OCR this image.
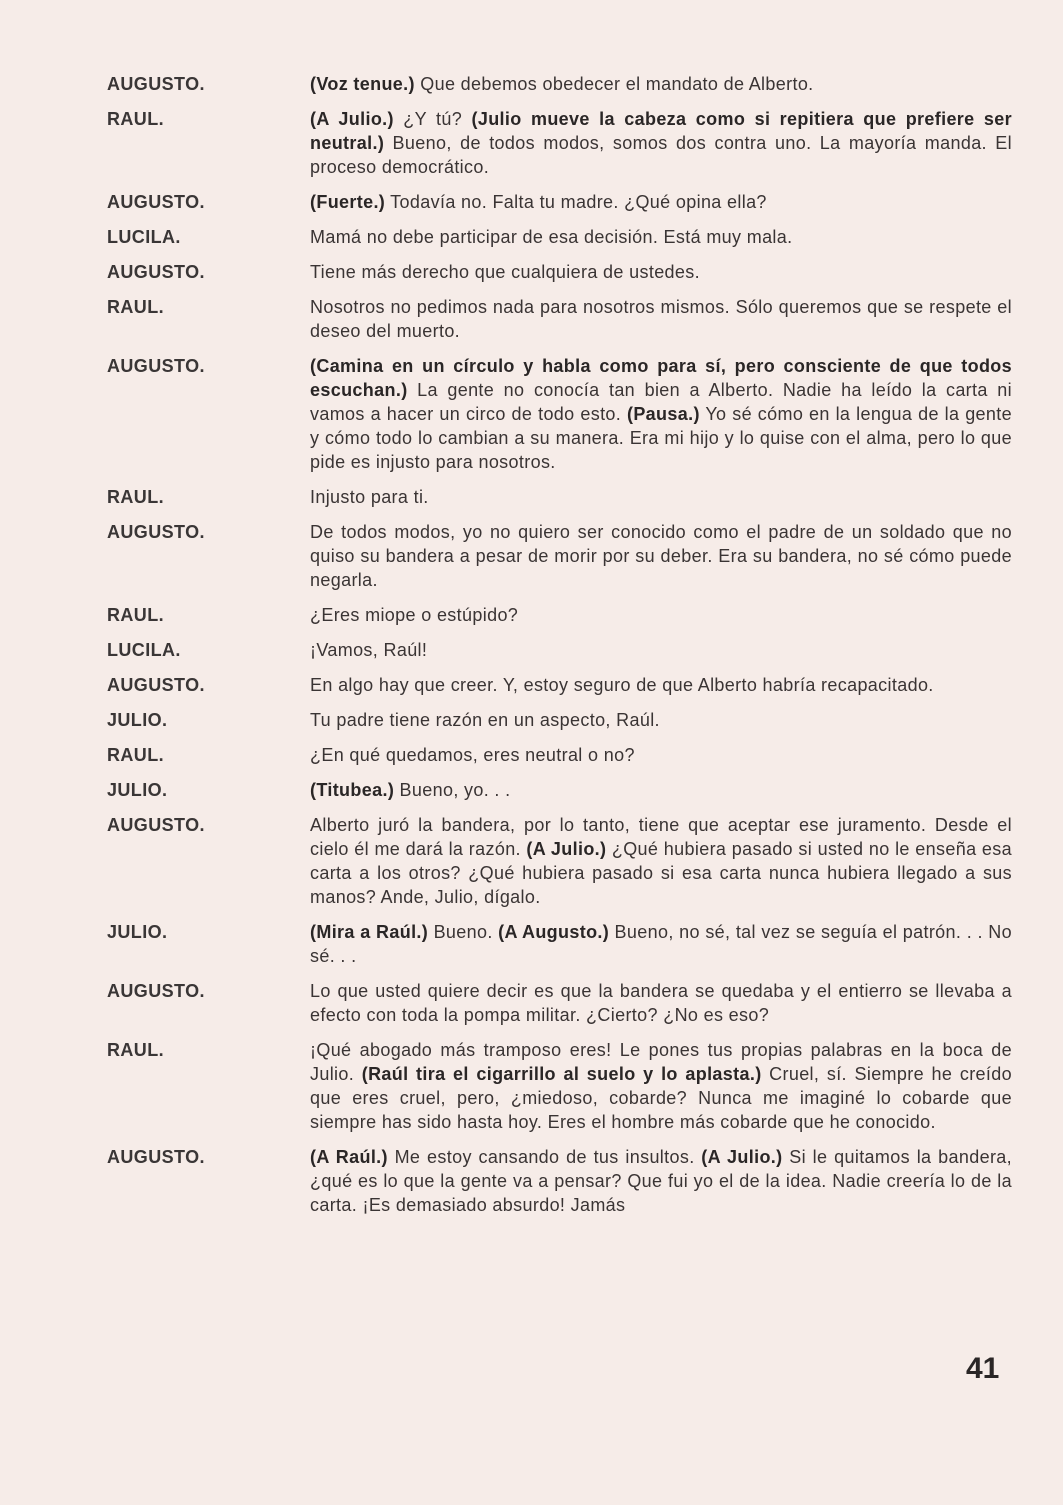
AUGUSTO.	(Voz tenue.) Que debemos obedecer el mandato de Alberto.
RAUL.	(A Julio.) ¿Y tú? (Julio mueve la cabeza como si repitiera que prefiere ser neutral.) Bueno, de todos modos, somos dos contra uno. La mayoría manda. El proceso democrático.
AUGUSTO.	(Fuerte.) Todavía no. Falta tu madre. ¿Qué opina ella?
LUCILA.	Mamá no debe participar de esa decisión. Está muy mala.
AUGUSTO.	Tiene más derecho que cualquiera de ustedes.
RAUL.	Nosotros no pedimos nada para nosotros mismos. Sólo queremos que se respete el deseo del muerto.
AUGUSTO.	(Camina en un círculo y habla como para sí, pero consciente de que todos escuchan.) La gente no conocía tan bien a Alberto. Nadie ha leído la carta ni vamos a hacer un circo de todo esto. (Pausa.) Yo sé cómo en la lengua de la gente y cómo todo lo cambian a su manera. Era mi hijo y lo quise con el alma, pero lo que pide es injusto para nosotros.
RAUL.	Injusto para ti.
AUGUSTO.	De todos modos, yo no quiero ser conocido como el padre de un soldado que no quiso su bandera a pesar de morir por su deber. Era su bandera, no sé cómo puede negarla.
RAUL.	¿Eres miope o estúpido?
LUCILA.	¡Vamos, Raúl!
AUGUSTO.	En algo hay que creer. Y, estoy seguro de que Alberto habría recapacitado.
JULIO.	Tu padre tiene razón en un aspecto, Raúl.
RAUL.	¿En qué quedamos, eres neutral o no?
JULIO.	(Titubea.) Bueno, yo. . .
AUGUSTO.	Alberto juró la bandera, por lo tanto, tiene que aceptar ese juramento. Desde el cielo él me dará la razón. (A Julio.) ¿Qué hubiera pasado si usted no le enseña esa carta a los otros? ¿Qué hubiera pasado si esa carta nunca hubiera llegado a sus manos? Ande, Julio, dígalo.
JULIO.	(Mira a Raúl.) Bueno. (A Augusto.) Bueno, no sé, tal vez se seguía el patrón. . . No sé. . .
AUGUSTO.	Lo que usted quiere decir es que la bandera se quedaba y el entierro se llevaba a efecto con toda la pompa militar. ¿Cierto? ¿No es eso?
RAUL.	¡Qué abogado más tramposo eres! Le pones tus propias palabras en la boca de Julio. (Raúl tira el cigarrillo al suelo y lo aplasta.) Cruel, sí. Siempre he creído que eres cruel, pero, ¿miedoso, cobarde? Nunca me imaginé lo cobarde que siempre has sido hasta hoy. Eres el hombre más cobarde que he conocido.
AUGUSTO.	(A Raúl.) Me estoy cansando de tus insultos. (A Julio.) Si le quitamos la bandera, ¿qué es lo que la gente va a pensar? Que fui yo el de la idea. Nadie creería lo de la carta. ¡Es demasiado absurdo! Jamás
41
